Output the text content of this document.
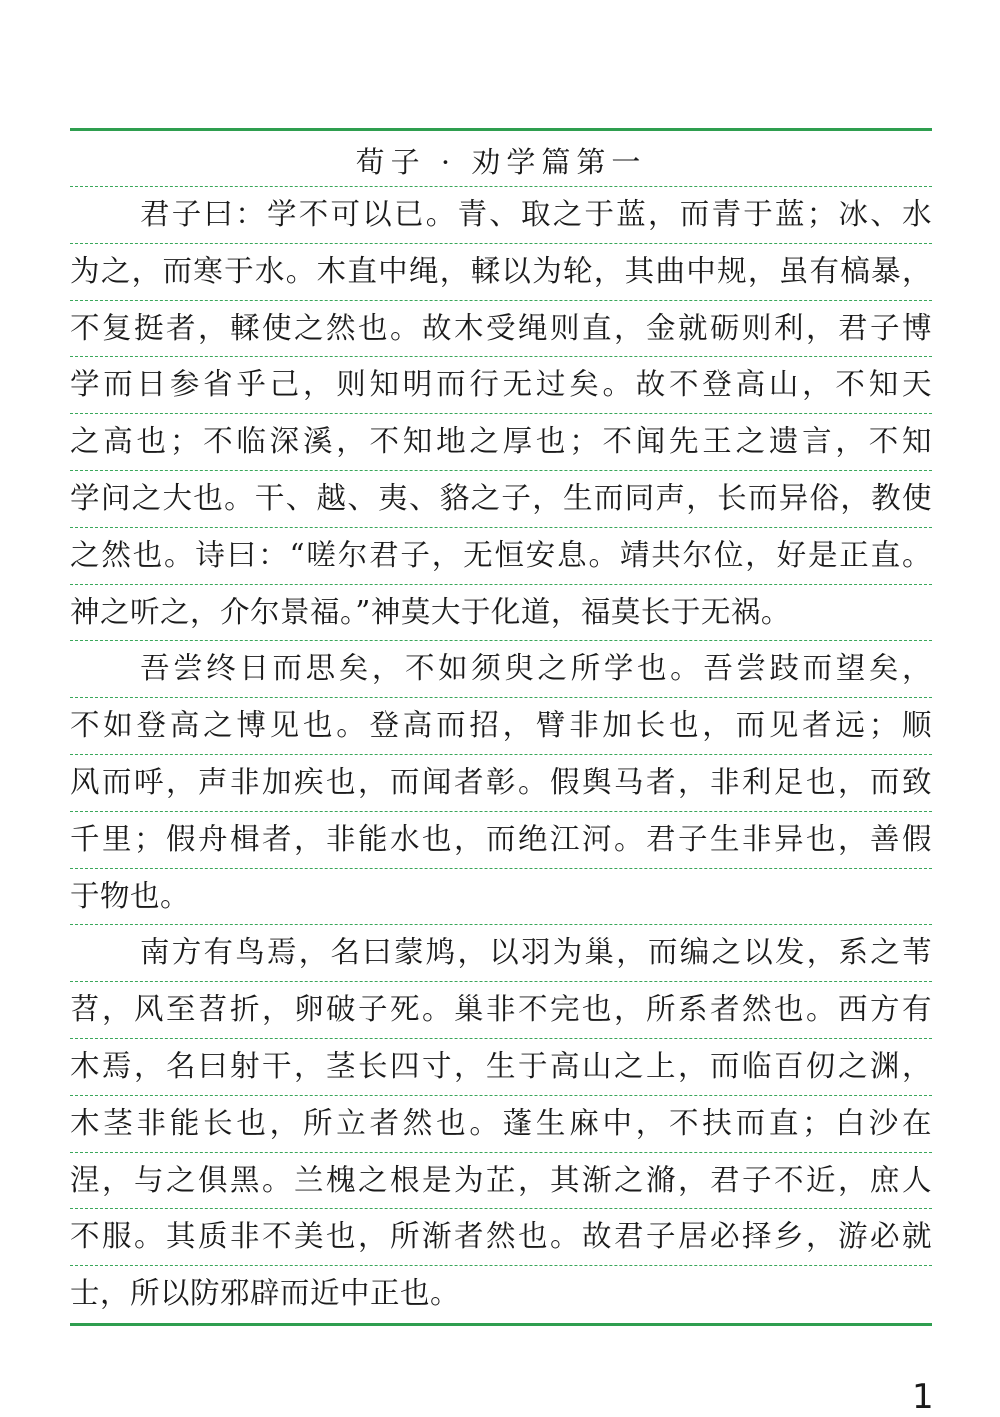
荀子 · 劝学篇第一
君子曰：学不可以已。青、取之于蓝，而青于蓝；冰、水
为之，而寒于水。木直中绳，輮以为轮，其曲中规，虽有槁暴，
不复挺者，輮使之然也。故木受绳则直，金就砺则利，君子博
学而日参省乎己，则知明而行无过矣。故不登高山，不知天
之高也；不临深溪，不知地之厚也；不闻先王之遗言，不知
学问之大也。干、越、夷、貉之子，生而同声，长而异俗，教使
之然也。诗曰：“嗟尔君子，无恒安息。靖共尔位，好是正直。
神之听之，介尔景福。”神莫大于化道，福莫长于无祸。
吾尝终日而思矣，不如须臾之所学也。吾尝跂而望矣，
不如登高之博见也。登高而招，臂非加长也，而见者远；顺
风而呼，声非加疾也，而闻者彰。假舆马者，非利足也，而致
千里；假舟楫者，非能水也，而绝江河。君子生非异也，善假
于物也。
南方有鸟焉，名曰蒙鸠，以羽为巢，而编之以发，系之苇
苕，风至苕折，卵破子死。巢非不完也，所系者然也。西方有
木焉，名曰射干，茎长四寸，生于高山之上，而临百仞之渊，
木茎非能长也，所立者然也。蓬生麻中，不扶而直；白沙在
涅，与之俱黑。兰槐之根是为芷，其渐之滫，君子不近，庶人
不服。其质非不美也，所渐者然也。故君子居必择乡，游必就
士，所以防邪辟而近中正也。
1
